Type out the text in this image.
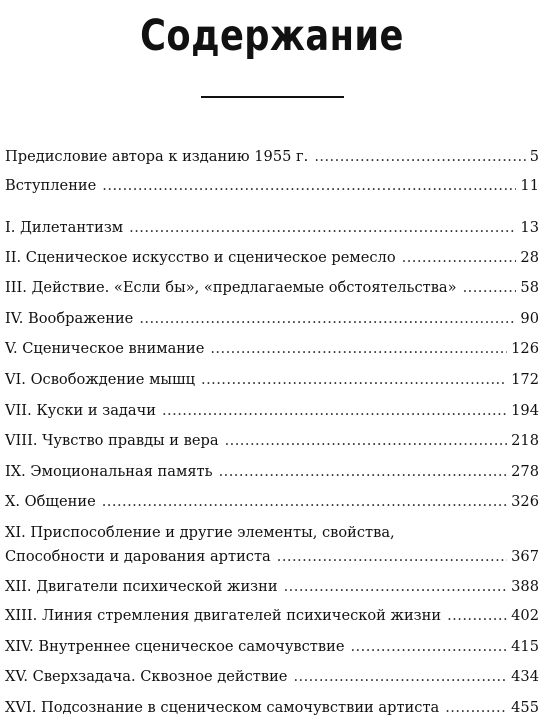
Содержание
Предисловие автора к изданию 1955 г. . . .	5
Вступление . . .	11
I. Дилетантизм . . .	13
II. Сценическое искусство и сценическое ремесло . . .	28
III. Действие. «Если бы», «предлагаемые обстоятельства» . . .	58
IV. Воображение . . .	90
V. Сценическое внимание . . .	126
VI. Освобождение мышц . . .	172
VII. Куски и задачи . . .	194
VIII. Чувство правды и вера . . .	218
IX. Эмоциональная память . . .	278
X. Общение . . .	326
XI. Приспособление и другие элементы, свойства,
Способности и дарования артиста . . .	367
XII. Двигатели психической жизни . . .	388
XIII. Линия стремления двигателей психической жизни . . .	402
XIV. Внутреннее сценическое самочувствие . . .	415
XV. Сверхзадача. Сквозное действие . . .	434
XVI. Подсознание в сценическом самочувствии артиста . . .	455
